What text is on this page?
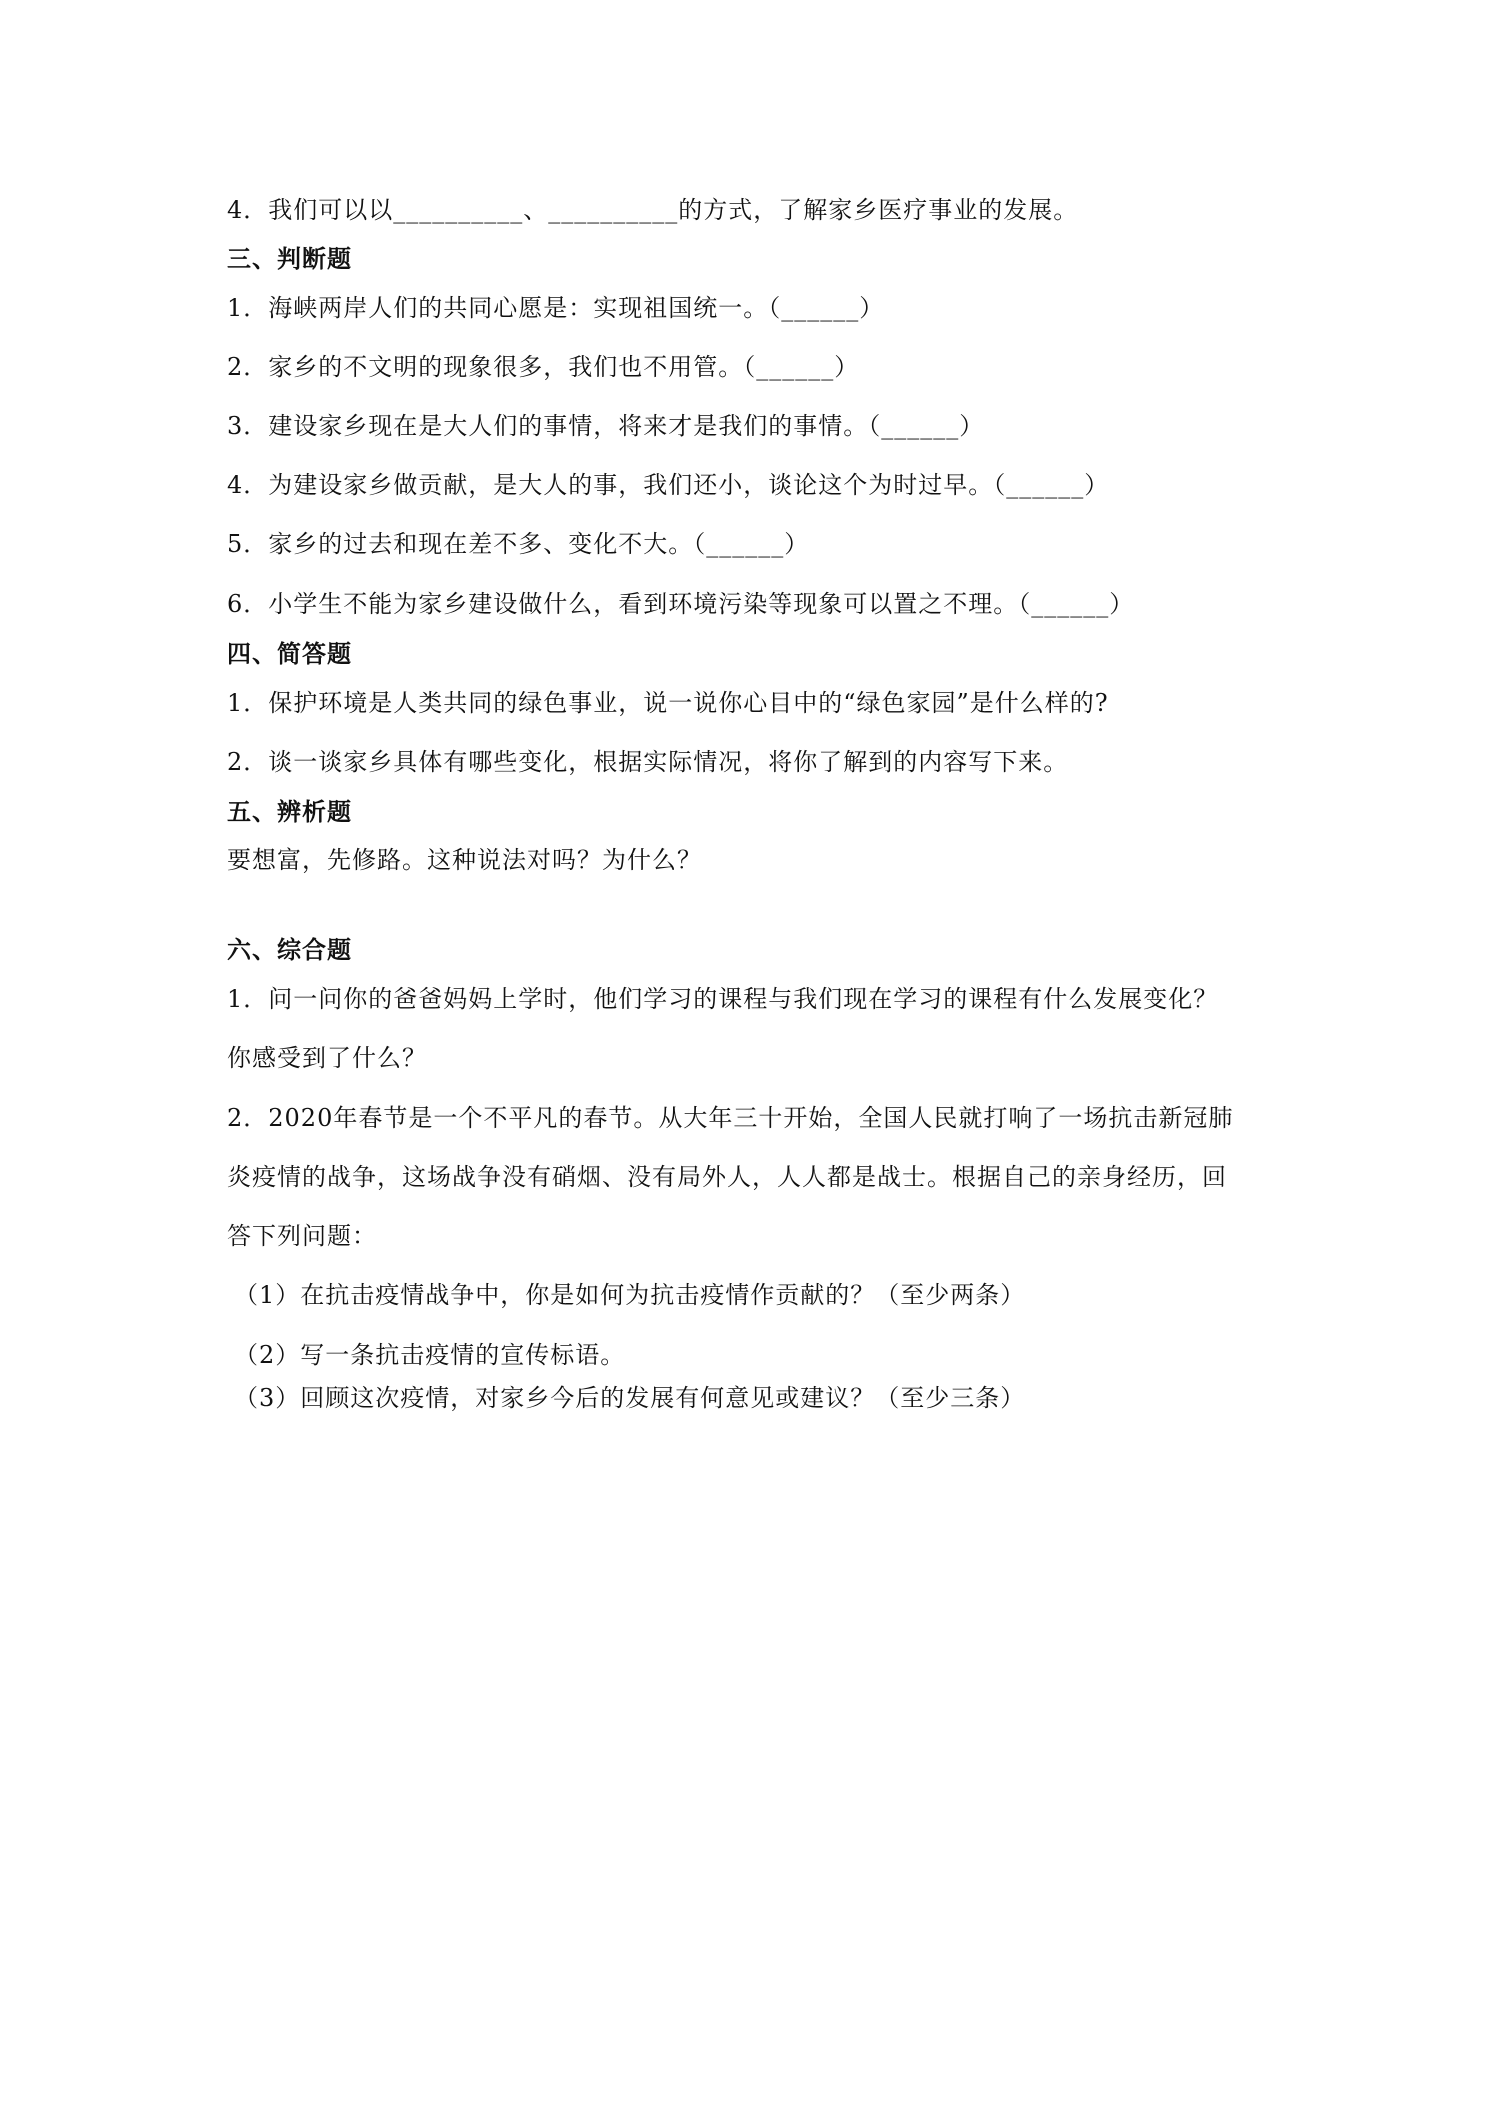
4．我们可以以__________、__________的方式，了解家乡医疗事业的发展。
三、判断题
1．海峡两岸人们的共同心愿是：实现祖国统一。（______）
2．家乡的不文明的现象很多，我们也不用管。（______）
3．建设家乡现在是大人们的事情，将来才是我们的事情。（______）
4．为建设家乡做贡献，是大人的事，我们还小，谈论这个为时过早。（______）
5．家乡的过去和现在差不多、变化不大。（______）
6．小学生不能为家乡建设做什么，看到环境污染等现象可以置之不理。（______）
四、简答题
1．保护环境是人类共同的绿色事业，说一说你心目中的“绿色家园”是什么样的?
2．谈一谈家乡具体有哪些变化，根据实际情况，将你了解到的内容写下来。
五、辨析题
要想富，先修路。这种说法对吗？为什么？
六、综合题
1．问一问你的爸爸妈妈上学时，他们学习的课程与我们现在学习的课程有什么发展变化？
你感受到了什么？
2．2020年春节是一个不平凡的春节。从大年三十开始，全国人民就打响了一场抗击新冠肺
炎疫情的战争，这场战争没有硝烟、没有局外人，人人都是战士。根据自己的亲身经历，回
答下列问题：
（1）在抗击疫情战争中，你是如何为抗击疫情作贡献的？（至少两条）
（2）写一条抗击疫情的宣传标语。
（3）回顾这次疫情，对家乡今后的发展有何意见或建议？（至少三条）
